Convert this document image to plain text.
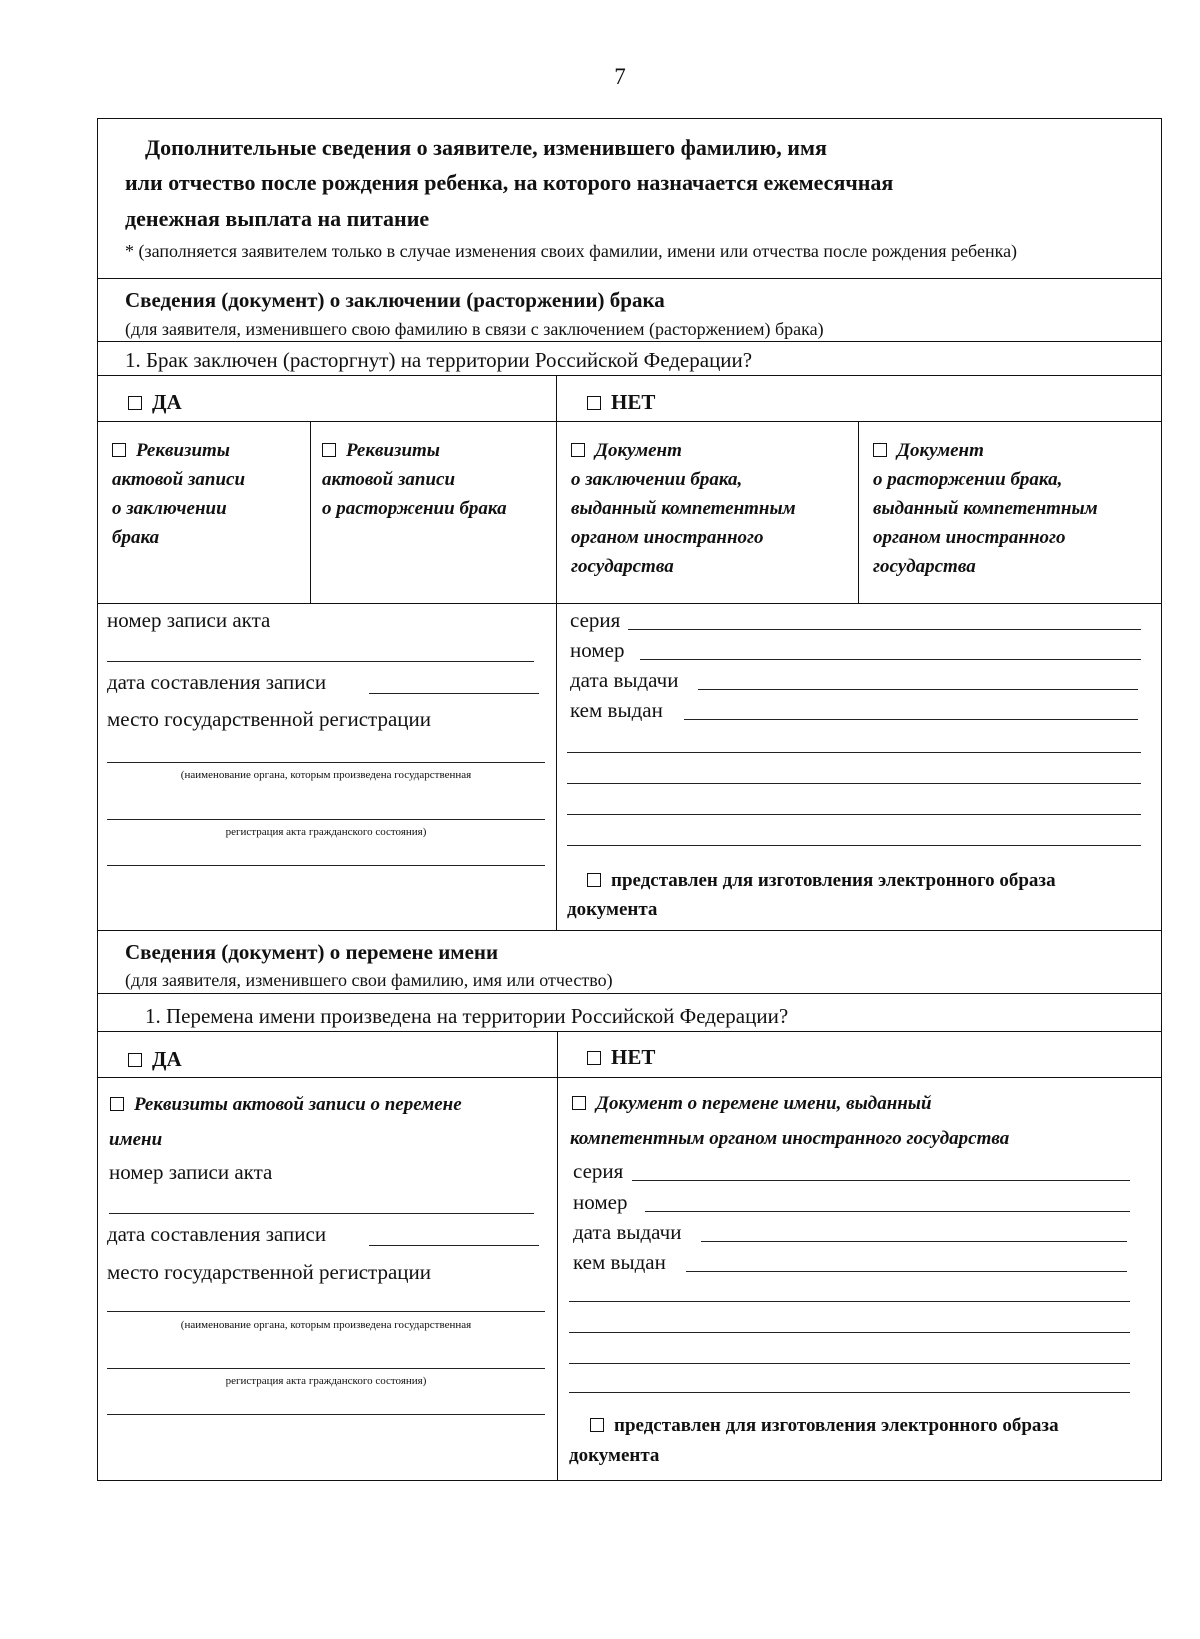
7
Дополнительные сведения о заявителе, изменившего фамилию, имя
или отчество после рождения ребенка, на которого назначается ежемесячная
денежная выплата на питание
* (заполняется заявителем только в случае изменения своих фамилии, имени или отчества после рождения ребенка)
Сведения (документ) о заключении (расторжении) брака
(для заявителя, изменившего свою фамилию в связи с заключением (расторжением) брака)
1. Брак заключен (расторгнут) на территории Российской Федерации?
ДА	НЕТ
Реквизиты
актовой записи
о заключении
брака
Реквизиты
актовой записи
о расторжении брака
Документ
о заключении брака,
выданный компетентным
органом иностранного
государства
Документ
о расторжении брака,
выданный компетентным
органом иностранного
государства
номер записи акта
дата составления записи
место государственной регистрации
(наименование органа, которым произведена государственная
регистрация акта гражданского состояния)
серия
номер
дата выдачи
кем выдан
представлен для изготовления электронного образа
документа
Сведения (документ) о перемене имени
(для заявителя, изменившего свои фамилию, имя или отчество)
1. Перемена имени произведена на территории Российской Федерации?
ДА	НЕТ
Реквизиты актовой записи о перемене
имени
номер записи акта
дата составления записи
место государственной регистрации
(наименование органа, которым произведена государственная
регистрация акта гражданского состояния)
Документ о перемене имени, выданный
компетентным органом иностранного государства
серия
номер
дата выдачи
кем выдан
представлен для изготовления электронного образа
документа
